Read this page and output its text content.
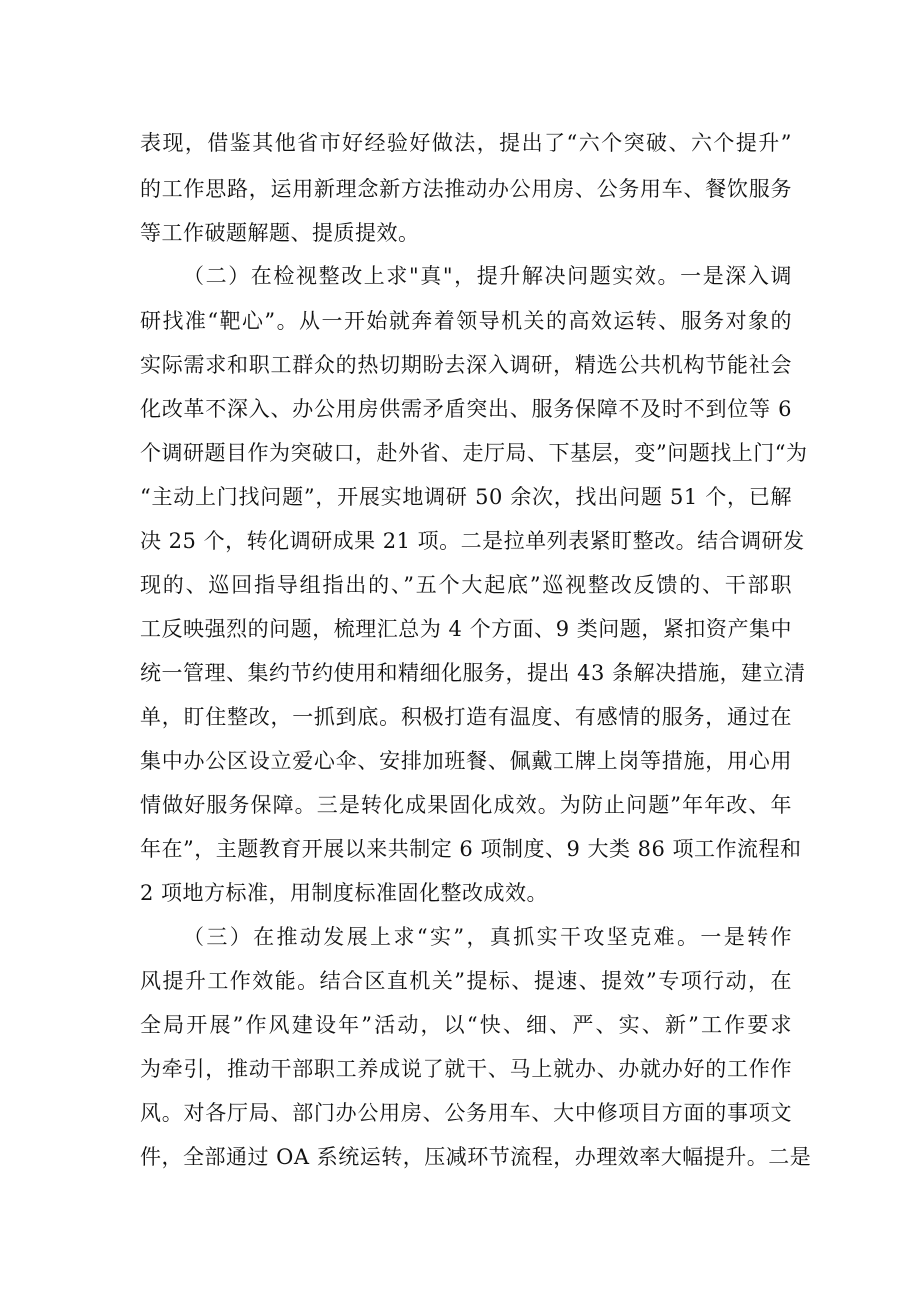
表现，借鉴其他省市好经验好做法，提出了“六个突破、六个提升”
的工作思路，运用新理念新方法推动办公用房、公务用车、餐饮服务
等工作破题解题、提质提效。
（二）在检视整改上求"真"，提升解决问题实效。一是深入调
研找准“靶心”。从一开始就奔着领导机关的高效运转、服务对象的
实际需求和职工群众的热切期盼去深入调研，精选公共机构节能社会
化改革不深入、办公用房供需矛盾突出、服务保障不及时不到位等 6
个调研题目作为突破口，赴外省、走厅局、下基层，变”问题找上门“为
“主动上门找问题”，开展实地调研 50 余次，找出问题 51 个，已解
决 25 个，转化调研成果 21 项。二是拉单列表紧盯整改。结合调研发
现的、巡回指导组指出的、”五个大起底”巡视整改反馈的、干部职
工反映强烈的问题，梳理汇总为 4 个方面、9 类问题，紧扣资产集中
统一管理、集约节约使用和精细化服务，提出 43 条解决措施，建立清
单，盯住整改，一抓到底。积极打造有温度、有感情的服务，通过在
集中办公区设立爱心伞、安排加班餐、佩戴工牌上岗等措施，用心用
情做好服务保障。三是转化成果固化成效。为防止问题”年年改、年
年在”，主题教育开展以来共制定 6 项制度、9 大类 86 项工作流程和
2 项地方标准，用制度标准固化整改成效。
（三）在推动发展上求“实”，真抓实干攻坚克难。一是转作
风提升工作效能。结合区直机关”提标、提速、提效”专项行动，在
全局开展”作风建设年”活动，以“快、细、严、实、新”工作要求
为牵引，推动干部职工养成说了就干、马上就办、办就办好的工作作
风。对各厅局、部门办公用房、公务用车、大中修项目方面的事项文
件，全部通过 OA 系统运转，压减环节流程，办理效率大幅提升。二是
